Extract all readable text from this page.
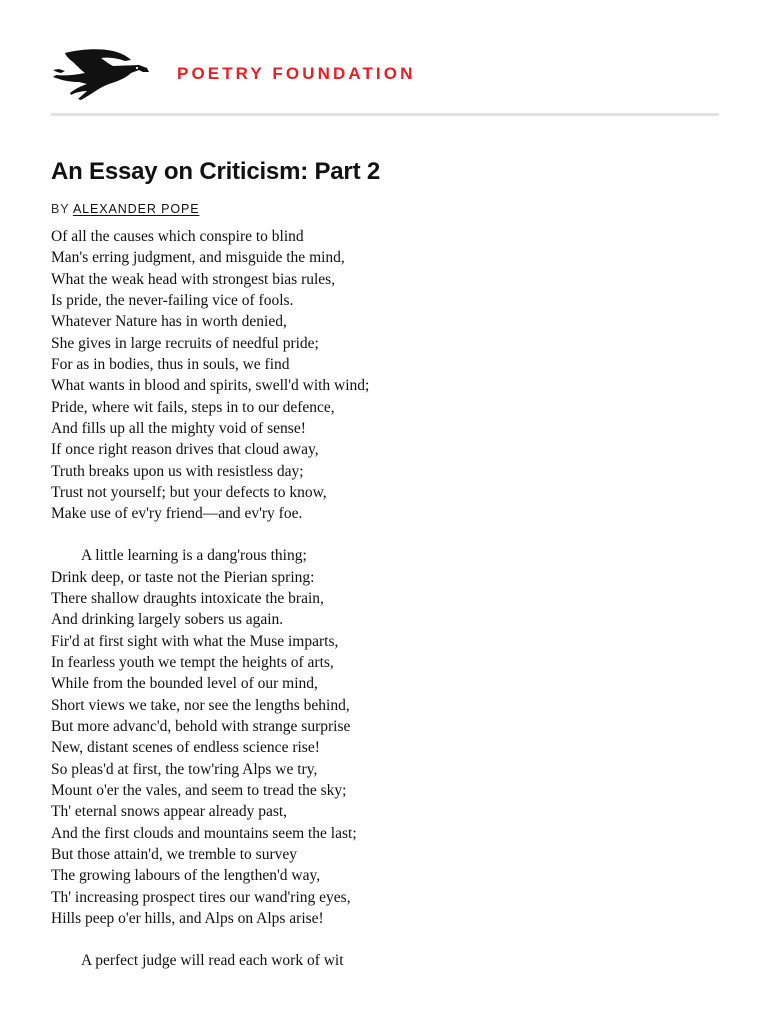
POETRY FOUNDATION
An Essay on Criticism: Part 2
BY ALEXANDER POPE
Of all the causes which conspire to blind
Man's erring judgment, and misguide the mind,
What the weak head with strongest bias rules,
Is pride, the never-failing vice of fools.
Whatever Nature has in worth denied,
She gives in large recruits of needful pride;
For as in bodies, thus in souls, we find
What wants in blood and spirits, swell'd with wind;
Pride, where wit fails, steps in to our defence,
And fills up all the mighty void of sense!
If once right reason drives that cloud away,
Truth breaks upon us with resistless day;
Trust not yourself; but your defects to know,
Make use of ev'ry friend—and ev'ry foe.
A little learning is a dang'rous thing;
Drink deep, or taste not the Pierian spring:
There shallow draughts intoxicate the brain,
And drinking largely sobers us again.
Fir'd at first sight with what the Muse imparts,
In fearless youth we tempt the heights of arts,
While from the bounded level of our mind,
Short views we take, nor see the lengths behind,
But more advanc'd, behold with strange surprise
New, distant scenes of endless science rise!
So pleas'd at first, the tow'ring Alps we try,
Mount o'er the vales, and seem to tread the sky;
Th' eternal snows appear already past,
And the first clouds and mountains seem the last;
But those attain'd, we tremble to survey
The growing labours of the lengthen'd way,
Th' increasing prospect tires our wand'ring eyes,
Hills peep o'er hills, and Alps on Alps arise!
A perfect judge will read each work of wit
